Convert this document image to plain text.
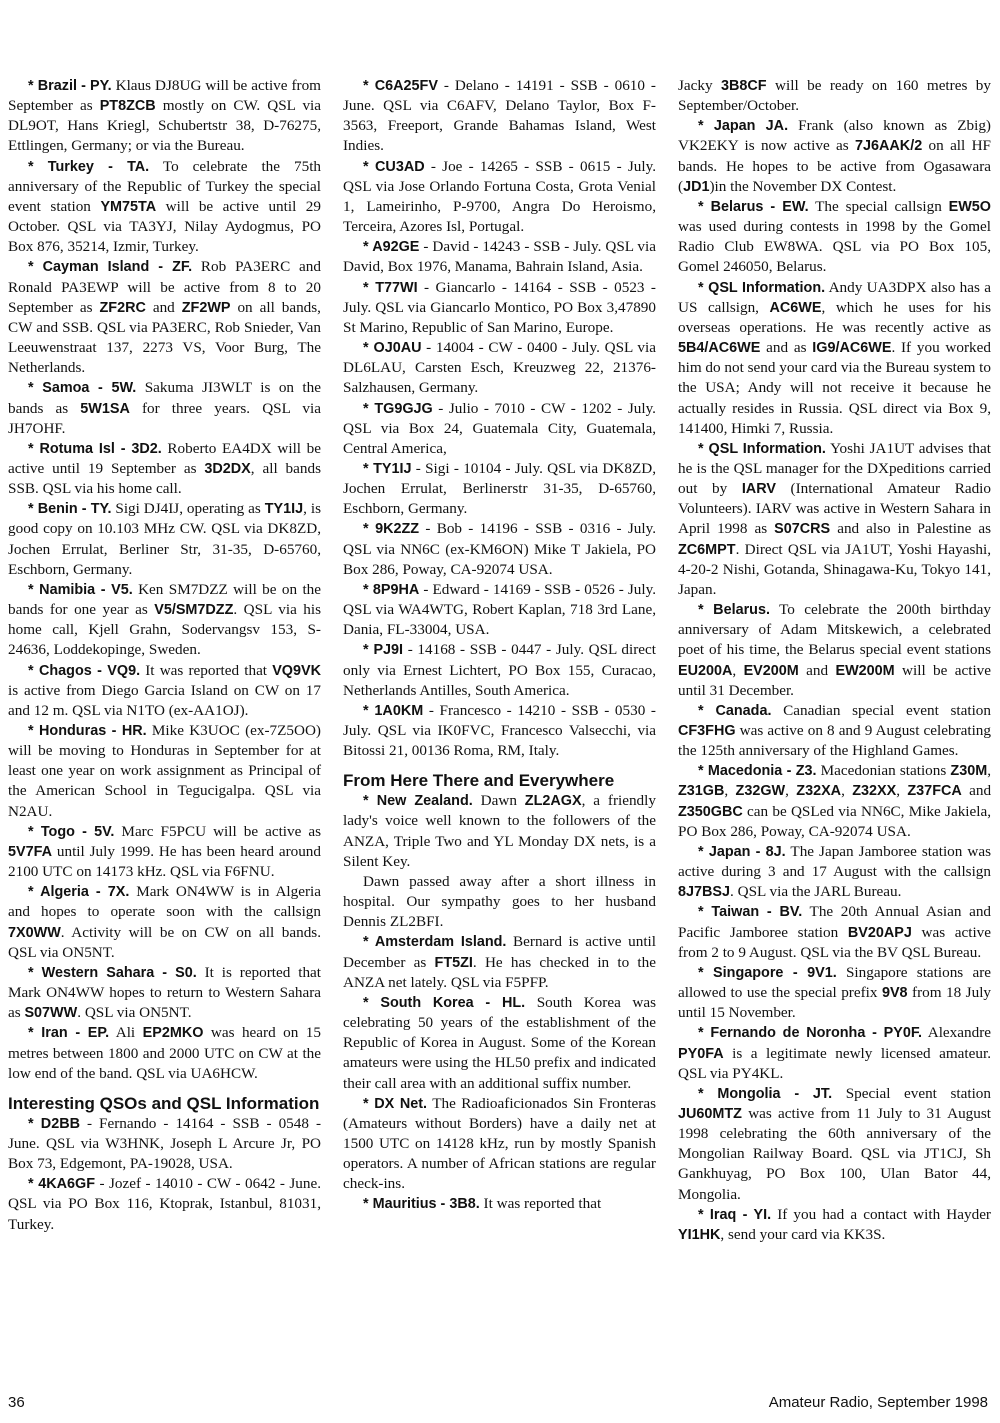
* Brazil - PY. Klaus DJ8UG will be active from September as PT8ZCB mostly on CW. QSL via DL9OT, Hans Kriegl, Schubertstr 38, D-76275, Ettlingen, Germany; or via the Bureau.

* Turkey - TA. To celebrate the 75th anniversary of the Republic of Turkey the special event station YM75TA will be active until 29 October. QSL via TA3YJ, Nilay Aydogmus, PO Box 876, 35214, Izmir, Turkey.

* Cayman Island - ZF. Rob PA3ERC and Ronald PA3EWP will be active from 8 to 20 September as ZF2RC and ZF2WP on all bands, CW and SSB. QSL via PA3ERC, Rob Snieder, Van Leeuwenstraat 137, 2273 VS, Voor Burg, The Netherlands.

* Samoa - 5W. Sakuma JI3WLT is on the bands as 5W1SA for three years. QSL via JH7OHF.

* Rotuma Isl - 3D2. Roberto EA4DX will be active until 19 September as 3D2DX, all bands SSB. QSL via his home call.

* Benin - TY. Sigi DJ4IJ, operating as TY1IJ, is good copy on 10.103 MHz CW. QSL via DK8ZD, Jochen Errulat, Berliner Str, 31-35, D-65760, Eschborn, Germany.

* Namibia - V5. Ken SM7DZZ will be on the bands for one year as V5/SM7DZZ. QSL via his home call, Kjell Grahn, Sodervangsv 153, S-24636, Loddekopinge, Sweden.

* Chagos - VQ9. It was reported that VQ9VK is active from Diego Garcia Island on CW on 17 and 12 m. QSL via N1TO (ex-AA1OJ).

* Honduras - HR. Mike K3UOC (ex-7Z5OO) will be moving to Honduras in September for at least one year on work assignment as Principal of the American School in Tegucigalpa. QSL via N2AU.

* Togo - 5V. Marc F5PCU will be active as 5V7FA until July 1999. He has been heard around 2100 UTC on 14173 kHz. QSL via F6FNU.

* Algeria - 7X. Mark ON4WW is in Algeria and hopes to operate soon with the callsign 7X0WW. Activity will be on CW on all bands. QSL via ON5NT.

* Western Sahara - S0. It is reported that Mark ON4WW hopes to return to Western Sahara as S07WW. QSL via ON5NT.

* Iran - EP. Ali EP2MKO was heard on 15 metres between 1800 and 2000 UTC on CW at the low end of the band. QSL via UA6HCW.

Interesting QSOs and QSL Information

* D2BB - Fernando - 14164 - SSB - 0548 - June. QSL via W3HNK, Joseph L Arcure Jr, PO Box 73, Edgemont, PA-19028, USA.

* 4KA6GF - Jozef - 14010 - CW - 0642 - June. QSL via PO Box 116, Ktoprak, Istanbul, 81031, Turkey.

* C6A25FV - Delano - 14191 - SSB - 0610 - June. QSL via C6AFV, Delano Taylor, Box F-3563, Freeport, Grande Bahamas Island, West Indies.

* CU3AD - Joe - 14265 - SSB - 0615 - July. QSL via Jose Orlando Fortuna Costa, Grota Venial 1, Lameirinho, P-9700, Angra Do Heroismo, Terceira, Azores Isl, Portugal.

* A92GE - David - 14243 - SSB - July. QSL via David, Box 1976, Manama, Bahrain Island, Asia.

* T77WI - Giancarlo - 14164 - SSB - 0523 - July. QSL via Giancarlo Montico, PO Box 3,47890 St Marino, Republic of San Marino, Europe.

* OJ0AU - 14004 - CW - 0400 - July. QSL via DL6LAU, Carsten Esch, Kreuzweg 22, 21376-Salzhausen, Germany.

* TG9GJG - Julio - 7010 - CW - 1202 - July. QSL via Box 24, Guatemala City, Guatemala, Central America,

* TY1IJ - Sigi - 10104 - July. QSL via DK8ZD, Jochen Errulat, Berlinerstr 31-35, D-65760, Eschborn, Germany.

* 9K2ZZ - Bob - 14196 - SSB - 0316 - July. QSL via NN6C (ex-KM6ON) Mike T Jakiela, PO Box 286, Poway, CA-92074 USA.

* 8P9HA - Edward - 14169 - SSB - 0526 - July. QSL via WA4WTG, Robert Kaplan, 718 3rd Lane, Dania, FL-33004, USA.

* PJ9I - 14168 - SSB - 0447 - July. QSL direct only via Ernest Lichtert, PO Box 155, Curacao, Netherlands Antilles, South America.

* 1A0KM - Francesco - 14210 - SSB - 0530 - July. QSL via IK0FVC, Francesco Valsecchi, via Bitossi 21, 00136 Roma, RM, Italy.

From Here There and Everywhere

* New Zealand. Dawn ZL2AGX, a friendly lady's voice well known to the followers of the ANZA, Triple Two and YL Monday DX nets, is a Silent Key.

Dawn passed away after a short illness in hospital. Our sympathy goes to her husband Dennis ZL2BFI.

* Amsterdam Island. Bernard is active until December as FT5ZI. He has checked in to the ANZA net lately. QSL via F5PFP.

* South Korea - HL. South Korea was celebrating 50 years of the establishment of the Republic of Korea in August. Some of the Korean amateurs were using the HL50 prefix and indicated their call area with an additional suffix number.

* DX Net. The Radioaficionados Sin Fronteras (Amateurs without Borders) have a daily net at 1500 UTC on 14128 kHz, run by mostly Spanish operators. A number of African stations are regular check-ins.

* Mauritius - 3B8. It was reported that

Jacky 3B8CF will be ready on 160 metres by September/October.

* Japan JA. Frank (also known as Zbig) VK2EKY is now active as 7J6AAK/2 on all HF bands. He hopes to be active from Ogasawara (JD1)in the November DX Contest.

* Belarus - EW. The special callsign EW5O was used during contests in 1998 by the Gomel Radio Club EW8WA. QSL via PO Box 105, Gomel 246050, Belarus.

* QSL Information. Andy UA3DPX also has a US callsign, AC6WE, which he uses for his overseas operations. He was recently active as 5B4/AC6WE and as IG9/AC6WE. If you worked him do not send your card via the Bureau system to the USA; Andy will not receive it because he actually resides in Russia. QSL direct via Box 9, 141400, Himki 7, Russia.

* QSL Information. Yoshi JA1UT advises that he is the QSL manager for the DXpeditions carried out by IARV (International Amateur Radio Volunteers). IARV was active in Western Sahara in April 1998 as S07CRS and also in Palestine as ZC6MPT. Direct QSL via JA1UT, Yoshi Hayashi, 4-20-2 Nishi, Gotanda, Shinagawa-Ku, Tokyo 141, Japan.

* Belarus. To celebrate the 200th birthday anniversary of Adam Mitskewich, a celebrated poet of his time, the Belarus special event stations EU200A, EV200M and EW200M will be active until 31 December.

* Canada. Canadian special event station CF3FHG was active on 8 and 9 August celebrating the 125th anniversary of the Highland Games.

* Macedonia - Z3. Macedonian stations Z30M, Z31GB, Z32GW, Z32XA, Z32XX, Z37FCA and Z350GBC can be QSLed via NN6C, Mike Jakiela, PO Box 286, Poway, CA-92074 USA.

* Japan - 8J. The Japan Jamboree station was active during 3 and 17 August with the callsign 8J7BSJ. QSL via the JARL Bureau.

* Taiwan - BV. The 20th Annual Asian and Pacific Jamboree station BV20APJ was active from 2 to 9 August. QSL via the BV QSL Bureau.

* Singapore - 9V1. Singapore stations are allowed to use the special prefix 9V8 from 18 July until 15 November.

* Fernando de Noronha - PY0F. Alexandre PY0FA is a legitimate newly licensed amateur. QSL via PY4KL.

* Mongolia - JT. Special event station JU60MTZ was active from 11 July to 31 August 1998 celebrating the 60th anniversary of the Mongolian Railway Board. QSL via JT1CJ, Sh Gankhuyag, PO Box 100, Ulan Bator 44, Mongolia.

* Iraq - YI. If you had a contact with Hayder YI1HK, send your card via KK3S.

36	Amateur Radio, September 1998
